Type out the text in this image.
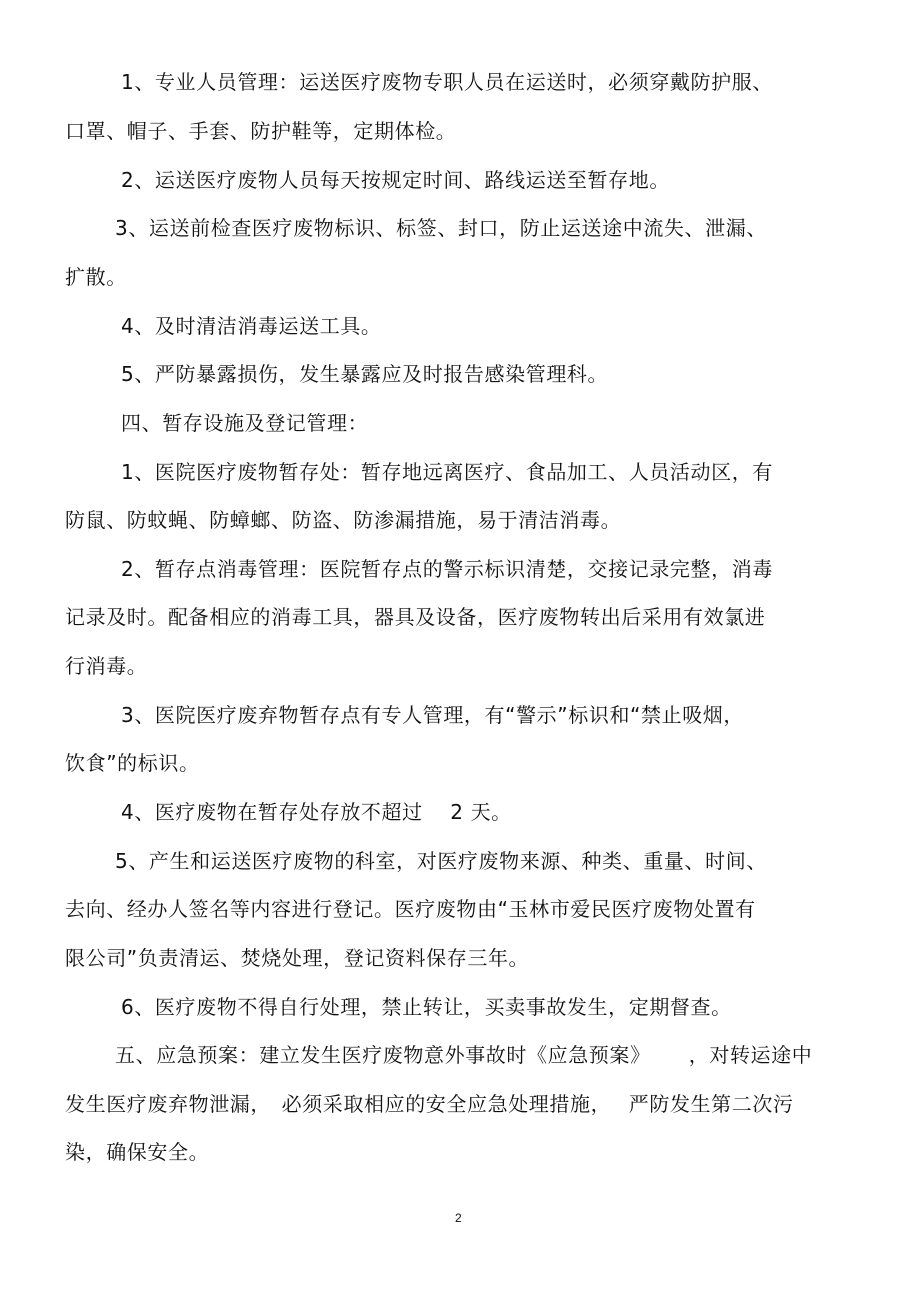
1、专业人员管理：运送医疗废物专职人员在运送时，必须穿戴防护服、
口罩、帽子、手套、防护鞋等，定期体检。
2、运送医疗废物人员每天按规定时间、路线运送至暂存地。
3、运送前检查医疗废物标识、标签、封口，防止运送途中流失、泄漏、
扩散。
4、及时清洁消毒运送工具。
5、严防暴露损伤，发生暴露应及时报告感染管理科。
四、暂存设施及登记管理：
1、医院医疗废物暂存处：暂存地远离医疗、食品加工、人员活动区，有
防鼠、防蚊蝇、防蟑螂、防盗、防渗漏措施，易于清洁消毒。
2、暂存点消毒管理：医院暂存点的警示标识清楚，交接记录完整，消毒
记录及时。配备相应的消毒工具，器具及设备，医疗废物转出后采用有效氯进
行消毒。
3、医院医疗废弃物暂存点有专人管理，有“警示”标识和“禁止吸烟，
饮食”的标识。
4、医疗废物在暂存处存放不超过　 2 天。
5、产生和运送医疗废物的科室，对医疗废物来源、种类、重量、时间、
去向、经办人签名等内容进行登记。医疗废物由“玉林市爱民医疗废物处置有
限公司”负责清运、焚烧处理，登记资料保存三年。
6、医疗废物不得自行处理，禁止转让，买卖事故发生，定期督查。
五、应急预案：建立发生医疗废物意外事故时《应急预案》　　 ，对转运途中
发生医疗废弃物泄漏，　必须采取相应的安全应急处理措施，　 严防发生第二次污
染，确保安全。
2
